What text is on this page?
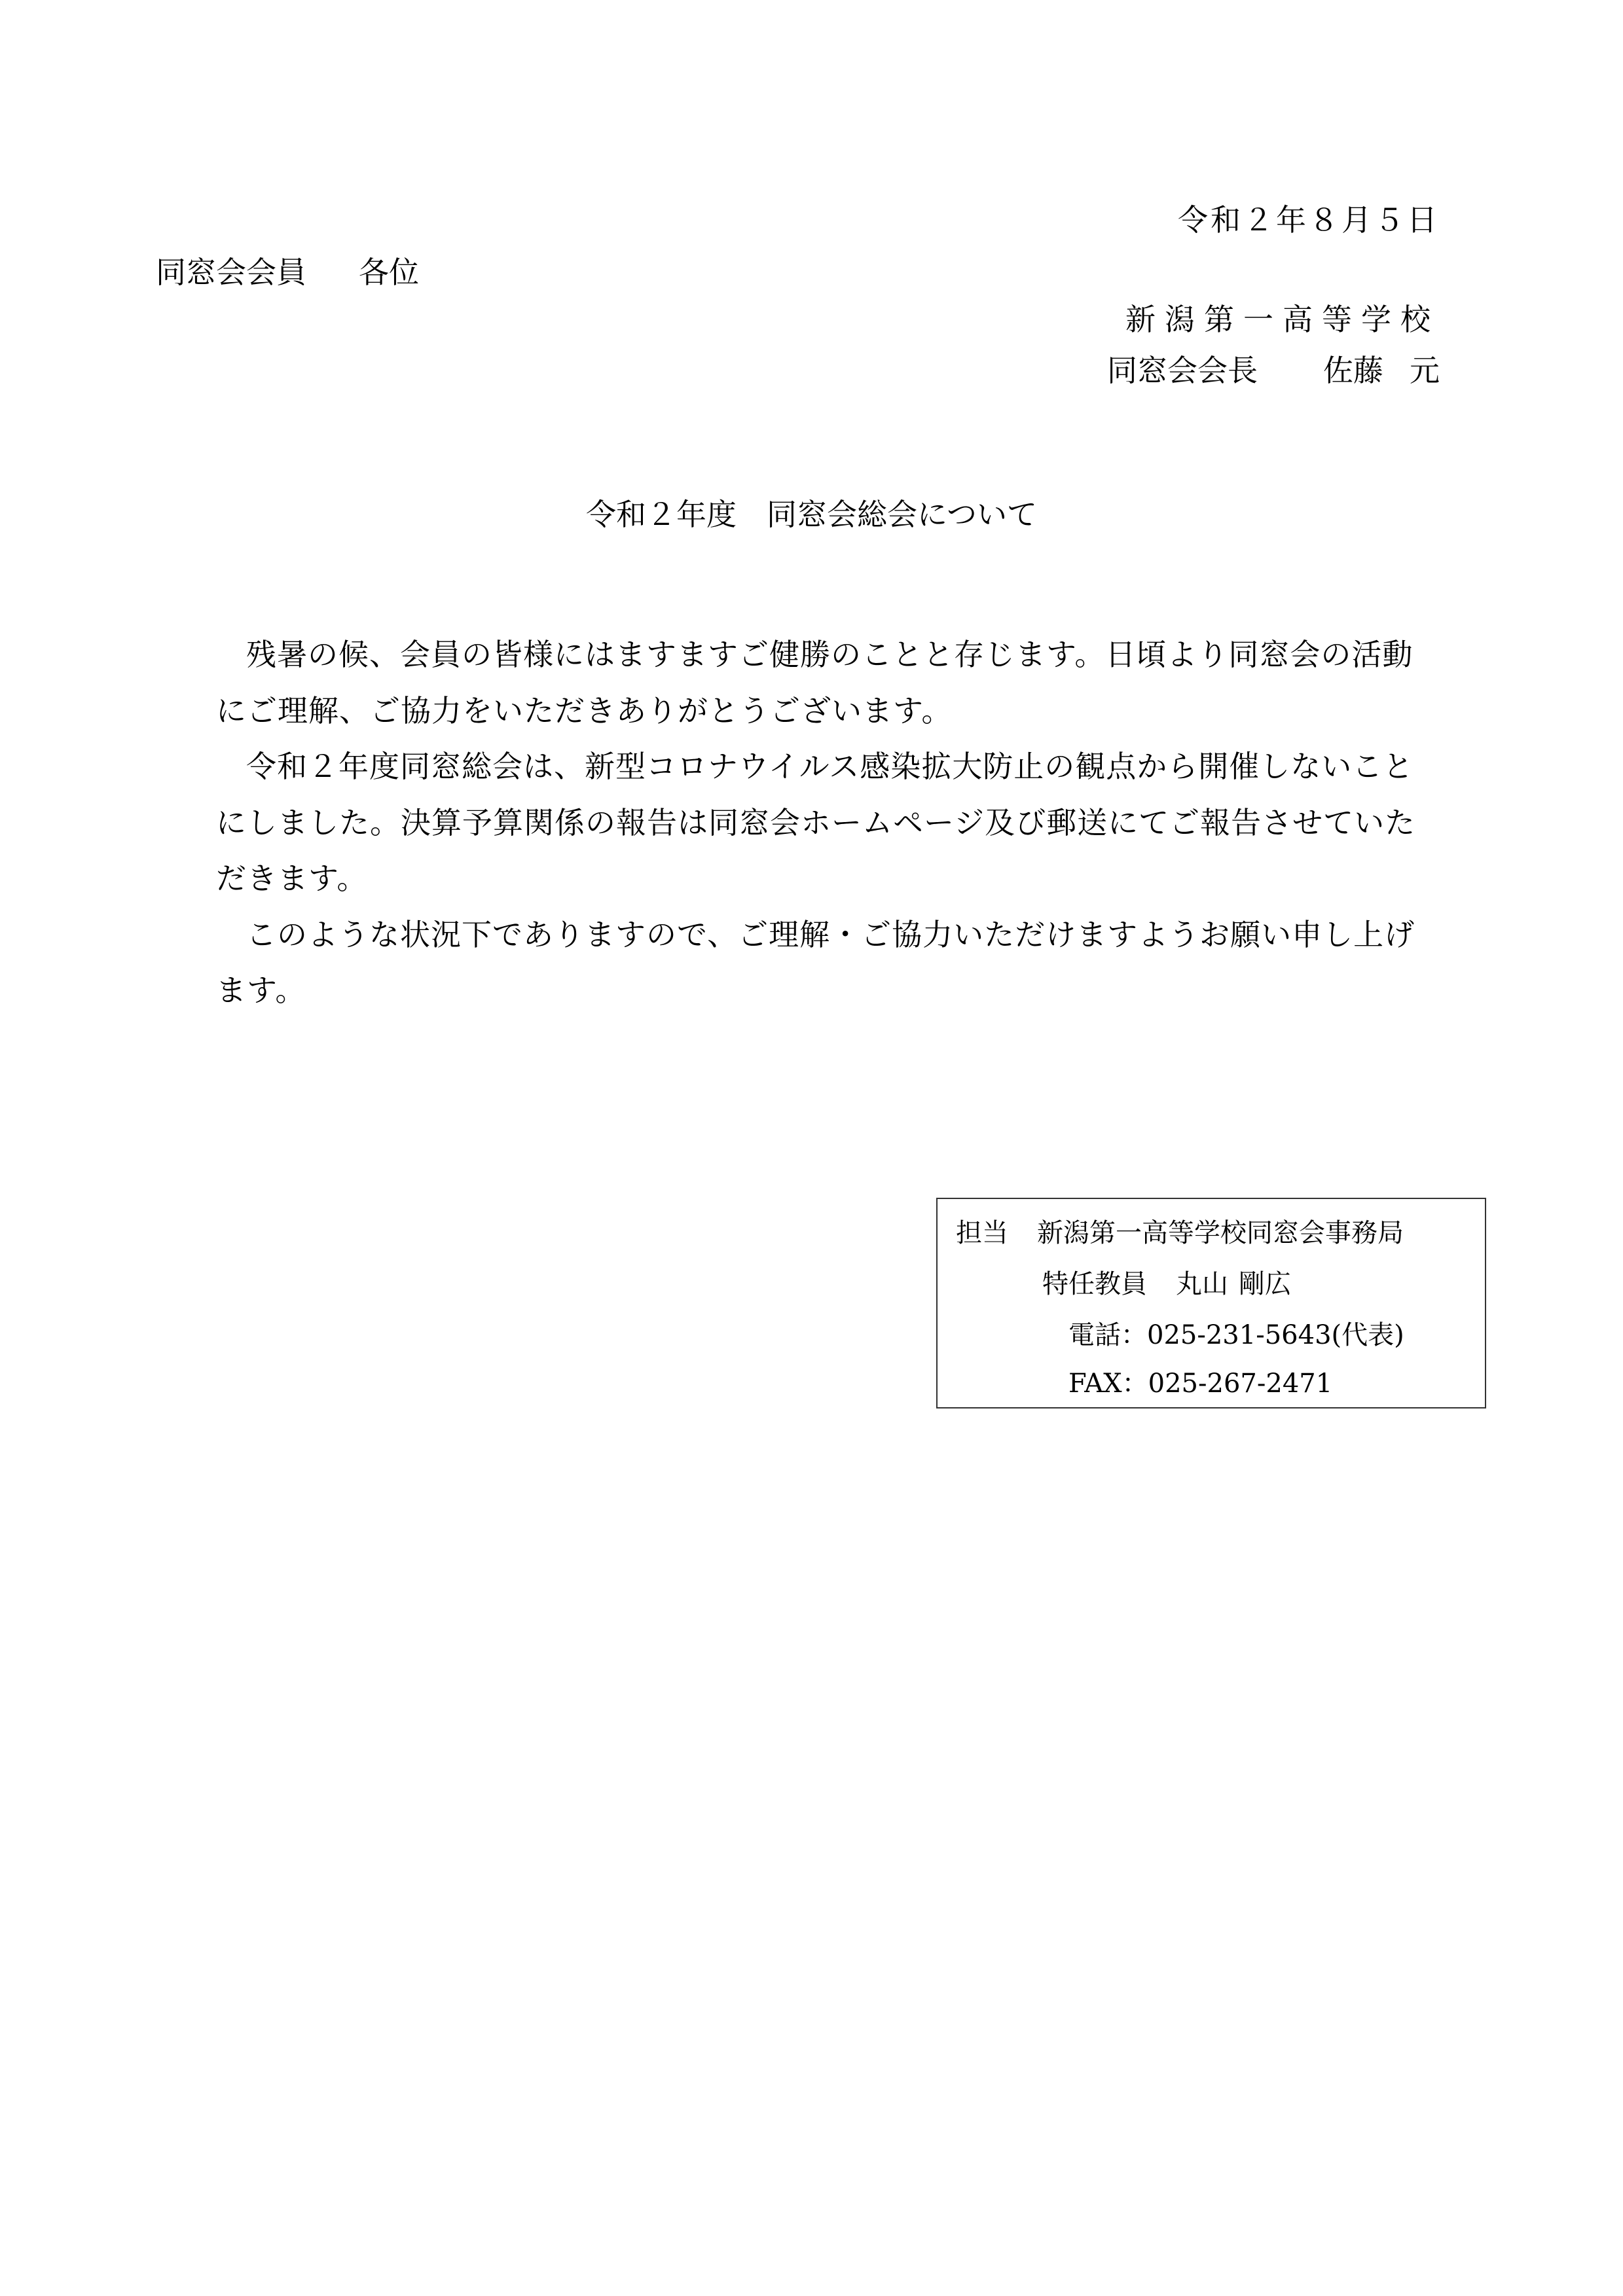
令和２年８月５日
同窓会会員 各位
新潟第一高等学校
同窓会会長 佐藤 元
令和２年度 同窓会総会について

残暑の候、会員の皆様にはますますご健勝のことと存じます。日頃より同窓会の活動にご理解、ご協力をいただきありがとうございます。

令和２年度同窓総会は、新型コロナウイルス感染拡大防止の観点から開催しないことにしました。決算予算関係の報告は同窓会ホームページ及び郵送にてご報告させていただきます。

このような状況下でありますので、ご理解・ご協力いただけますようお願い申し上げます。

担当 新潟第一高等学校同窓会事務局
特任教員 丸山 剛広
電話：025-231-5643(代表)
FAX：025-267-2471
